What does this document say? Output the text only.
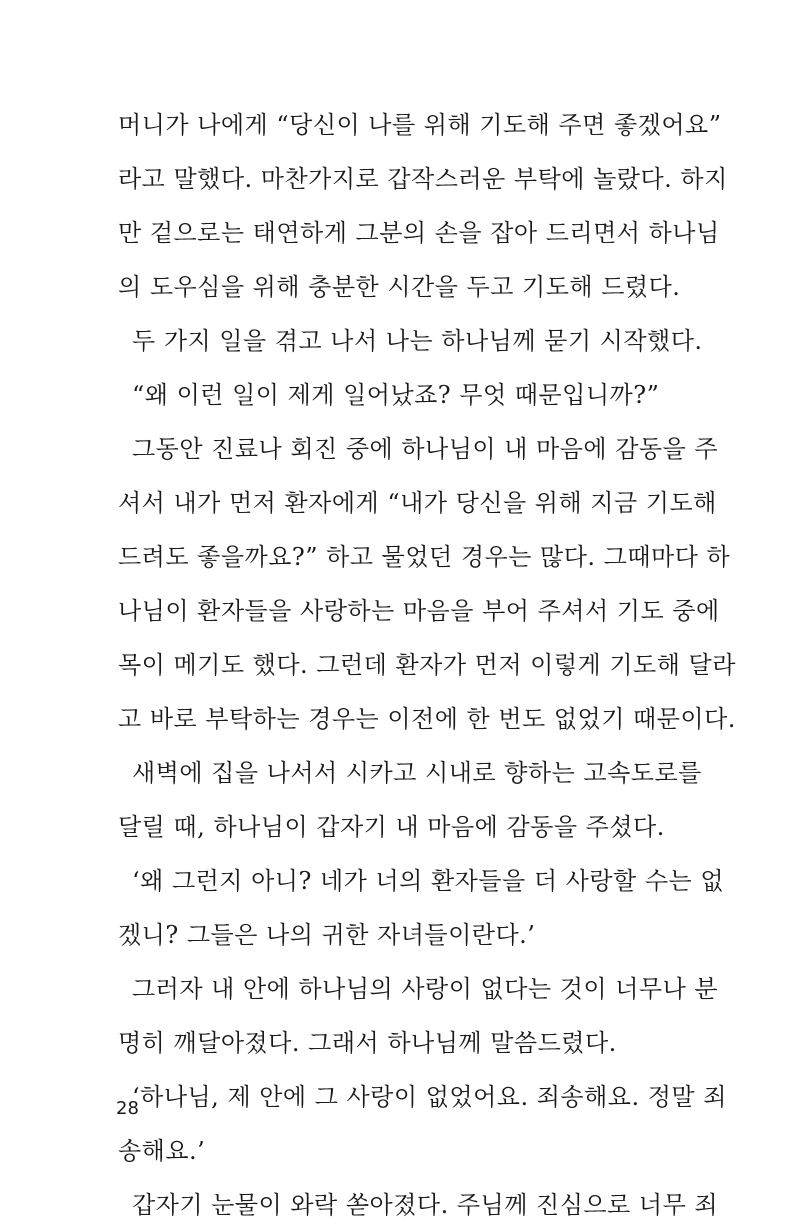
머니가 나에게 “당신이 나를 위해 기도해 주면 좋겠어요”
라고 말했다. 마찬가지로 갑작스러운 부탁에 놀랐다. 하지
만 겉으로는 태연하게 그분의 손을 잡아 드리면서 하나님
의 도우심을 위해 충분한 시간을 두고 기도해 드렸다.
두 가지 일을 겪고 나서 나는 하나님께 묻기 시작했다.
“왜 이런 일이 제게 일어났죠? 무엇 때문입니까?”
그동안 진료나 회진 중에 하나님이 내 마음에 감동을 주
셔서 내가 먼저 환자에게 “내가 당신을 위해 지금 기도해
드려도 좋을까요?” 하고 물었던 경우는 많다. 그때마다 하
나님이 환자들을 사랑하는 마음을 부어 주셔서 기도 중에
목이 메기도 했다. 그런데 환자가 먼저 이렇게 기도해 달라
고 바로 부탁하는 경우는 이전에 한 번도 없었기 때문이다.
새벽에 집을 나서서 시카고 시내로 향하는 고속도로를
달릴 때, 하나님이 갑자기 내 마음에 감동을 주셨다.
‘왜 그런지 아니? 네가 너의 환자들을 더 사랑할 수는 없
겠니? 그들은 나의 귀한 자녀들이란다.’
그러자 내 안에 하나님의 사랑이 없다는 것이 너무나 분
명히 깨달아졌다. 그래서 하나님께 말씀드렸다.
‘하나님, 제 안에 그 사랑이 없었어요. 죄송해요. 정말 죄
송해요.’
갑자기 눈물이 와락 쏟아졌다. 주님께 진심으로 너무 죄
28
